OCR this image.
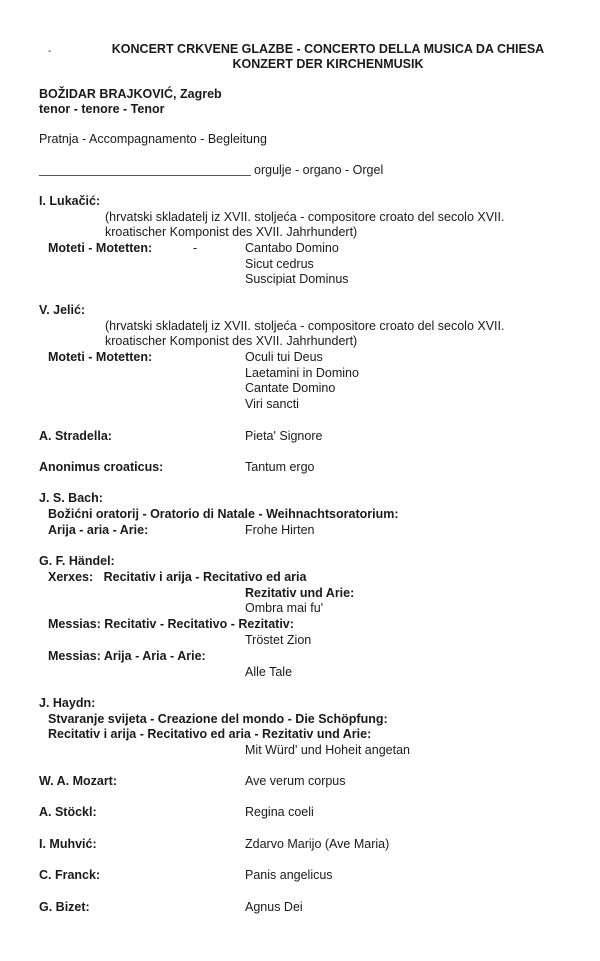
-	KONCERT CRKVENE GLAZBE - CONCERTO DELLA MUSICA DA CHIESA
KONZERT DER KIRCHENMUSIK
BOŽIDAR BRAJKOVIĆ, Zagreb
tenor - tenore - Tenor
Pratnja - Accompagnamento - Begleitung
orgulje - organo - Orgel
I. Lukačić:
(hrvatski skladatelj iz XVII. stoljeća - compositore croato del secolo XVII.
kroatischer Komponist des XVII. Jahrhundert)
Moteti - Motetten:	-	Cantabo Domino
Sicut cedrus
Suscipiat Dominus
V. Jelić:
(hrvatski skladatelj iz XVII. stoljeća - compositore croato del secolo XVII.
kroatischer Komponist des XVII. Jahrhundert)
Moteti - Motetten:	Oculi tui Deus
Laetamini in Domino
Cantate Domino
Viri sancti
A. Stradella:	Pieta' Signore
Anonimus croaticus:	Tantum ergo
J. S. Bach:
Božićni oratorij - Oratorio di Natale - Weihnachtsoratorium:
Arija - aria - Arie:	Frohe Hirten
G. F. Händel:
Xerxes:   Recitativ i arija - Recitativo ed aria
Rezitativ und Arie:
Ombra mai fu'
Messias: Recitativ - Recitativo - Rezitativ:
Tröstet Zion
Messias: Arija - Aria - Arie:
Alle Tale
J. Haydn:
Stvaranje svijeta - Creazione del mondo - Die Schöpfung:
Recitativ i arija - Recitativo ed aria - Rezitativ und Arie:
Mit Würd' und Hoheit angetan
W. A. Mozart:	Ave verum corpus
A. Stöckl:	Regina coeli
I. Muhvić:	Zdarvo Marijo (Ave Maria)
C. Franck:	Panis angelicus
G. Bizet:	Agnus Dei
